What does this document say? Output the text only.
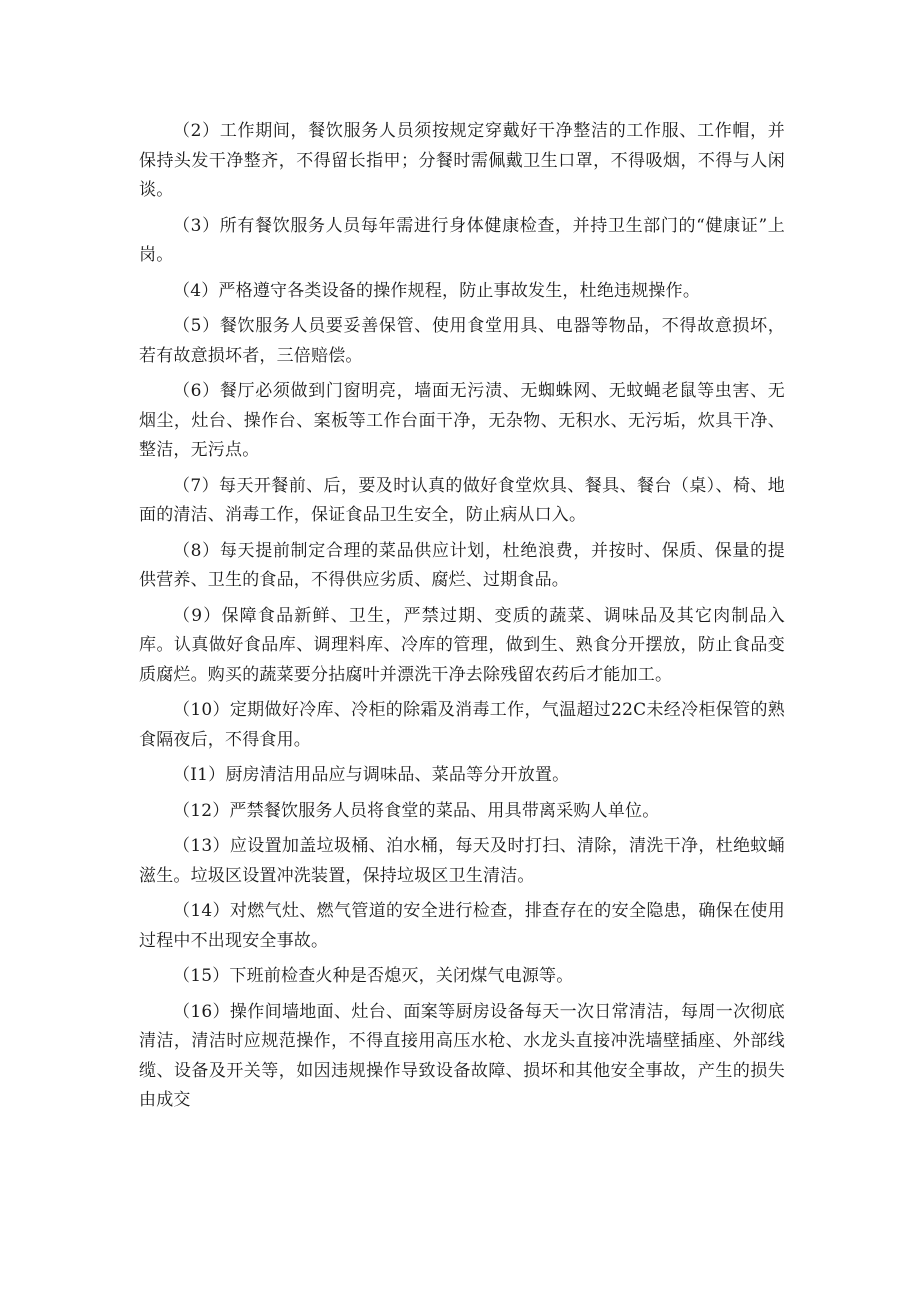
（2）工作期间，餐饮服务人员须按规定穿戴好干净整洁的工作服、工作帽，并保持头发干净整齐，不得留长指甲；分餐时需佩戴卫生口罩，不得吸烟，不得与人闲谈。

（3）所有餐饮服务人员每年需进行身体健康检查，并持卫生部门的“健康证”上岗。

（4）严格遵守各类设备的操作规程，防止事故发生，杜绝违规操作。

（5）餐饮服务人员要妥善保管、使用食堂用具、电器等物品，不得故意损坏，若有故意损坏者，三倍赔偿。

（6）餐厅必须做到门窗明亮，墙面无污渍、无蜘蛛网、无蚊蝇老鼠等虫害、无烟尘，灶台、操作台、案板等工作台面干净，无杂物、无积水、无污垢，炊具干净、整洁，无污点。

（7）每天开餐前、后，要及时认真的做好食堂炊具、餐具、餐台（桌）、椅、地面的清洁、消毒工作，保证食品卫生安全，防止病从口入。

（8）每天提前制定合理的菜品供应计划，杜绝浪费，并按时、保质、保量的提供营养、卫生的食品，不得供应劣质、腐烂、过期食品。

（9）保障食品新鲜、卫生，严禁过期、变质的蔬菜、调味品及其它肉制品入库。认真做好食品库、调理料库、冷库的管理，做到生、熟食分开摆放，防止食品变质腐烂。购买的蔬菜要分拈腐叶并漂洗干净去除残留农药后才能加工。

（10）定期做好冷库、冷柜的除霜及消毒工作，气温超过22C未经冷柜保管的熟食隔夜后，不得食用。

（I1）厨房清洁用品应与调味品、菜品等分开放置。

（12）严禁餐饮服务人员将食堂的菜品、用具带离采购人单位。

（13）应设置加盖垃圾桶、泊水桶，每天及时打扫、清除，清洗干净，杜绝蚊蛹滋生。垃圾区设置冲洗装置，保持垃圾区卫生清洁。

（14）对燃气灶、燃气管道的安全进行检查，排查存在的安全隐患，确保在使用过程中不出现安全事故。

（15）下班前检查火种是否熄灭，关闭煤气电源等。

（16）操作间墙地面、灶台、面案等厨房设备每天一次日常清洁，每周一次彻底清洁，清洁时应规范操作，不得直接用高压水枪、水龙头直接冲洗墙壁插座、外部线缆、设备及开关等，如因违规操作导致设备故障、损坏和其他安全事故，产生的损失由成交
